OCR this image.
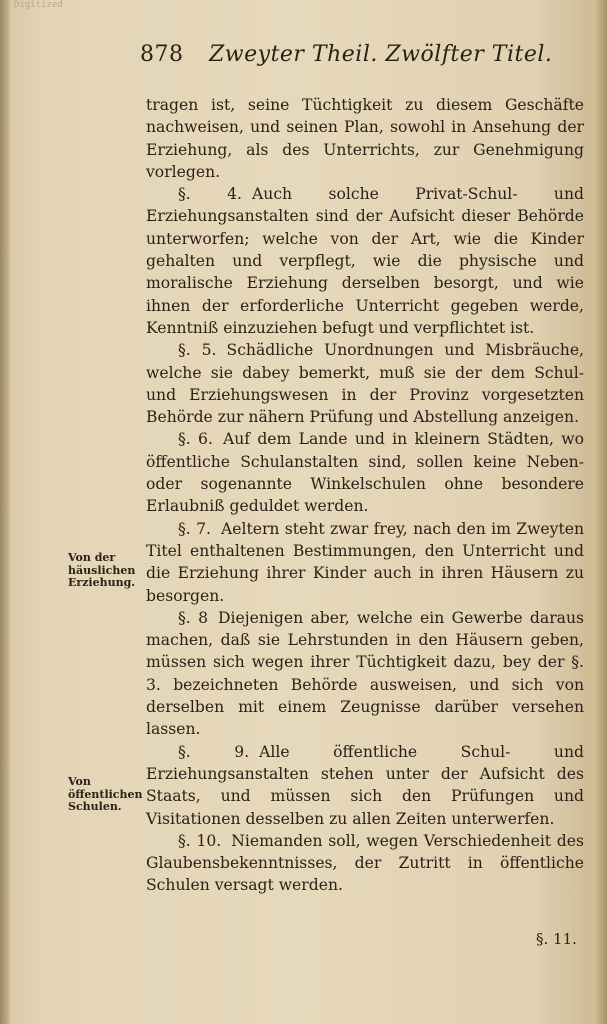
Digitized
878 Zweyter Theil. Zwölfter Titel.
Von der häuslichen Erziehung.
Von öffentlichen Schulen.

tragen ist, seine Tüchtigkeit zu diesem Geschäfte nachweisen, und seinen Plan, sowohl in Ansehung der Erziehung, als des Unterrichts, zur Genehmigung vorlegen.

§. 4. Auch solche Privat-Schul- und Erziehungsanstalten sind der Aufsicht dieser Behörde unterworfen; welche von der Art, wie die Kinder gehalten und verpflegt, wie die physische und moralische Erziehung derselben besorgt, und wie ihnen der erforderliche Unterricht gegeben werde, Kenntniß einzuziehen befugt und verpflichtet ist.

§. 5. Schädliche Unordnungen und Misbräuche, welche sie dabey bemerkt, muß sie der dem Schul- und Erziehungswesen in der Provinz vorgesetzten Behörde zur nähern Prüfung und Abstellung anzeigen.

§. 6. Auf dem Lande und in kleinern Städten, wo öffentliche Schulanstalten sind, sollen keine Neben- oder sogenannte Winkelschulen ohne besondere Erlaubniß geduldet werden.

§. 7. Aeltern steht zwar frey, nach den im Zweyten Titel enthaltenen Bestimmungen, den Unterricht und die Erziehung ihrer Kinder auch in ihren Häusern zu besorgen.

§. 8 Diejenigen aber, welche ein Gewerbe daraus machen, daß sie Lehrstunden in den Häusern geben, müssen sich wegen ihrer Tüchtigkeit dazu, bey der §. 3. bezeichneten Behörde ausweisen, und sich von derselben mit einem Zeugnisse darüber versehen lassen.

§. 9. Alle öffentliche Schul- und Erziehungsanstalten stehen unter der Aufsicht des Staats, und müssen sich den Prüfungen und Visitationen desselben zu allen Zeiten unterwerfen.

§. 10. Niemanden soll, wegen Verschiedenheit des Glaubensbekenntnisses, der Zutritt in öffentliche Schulen versagt werden.

§. 11.
